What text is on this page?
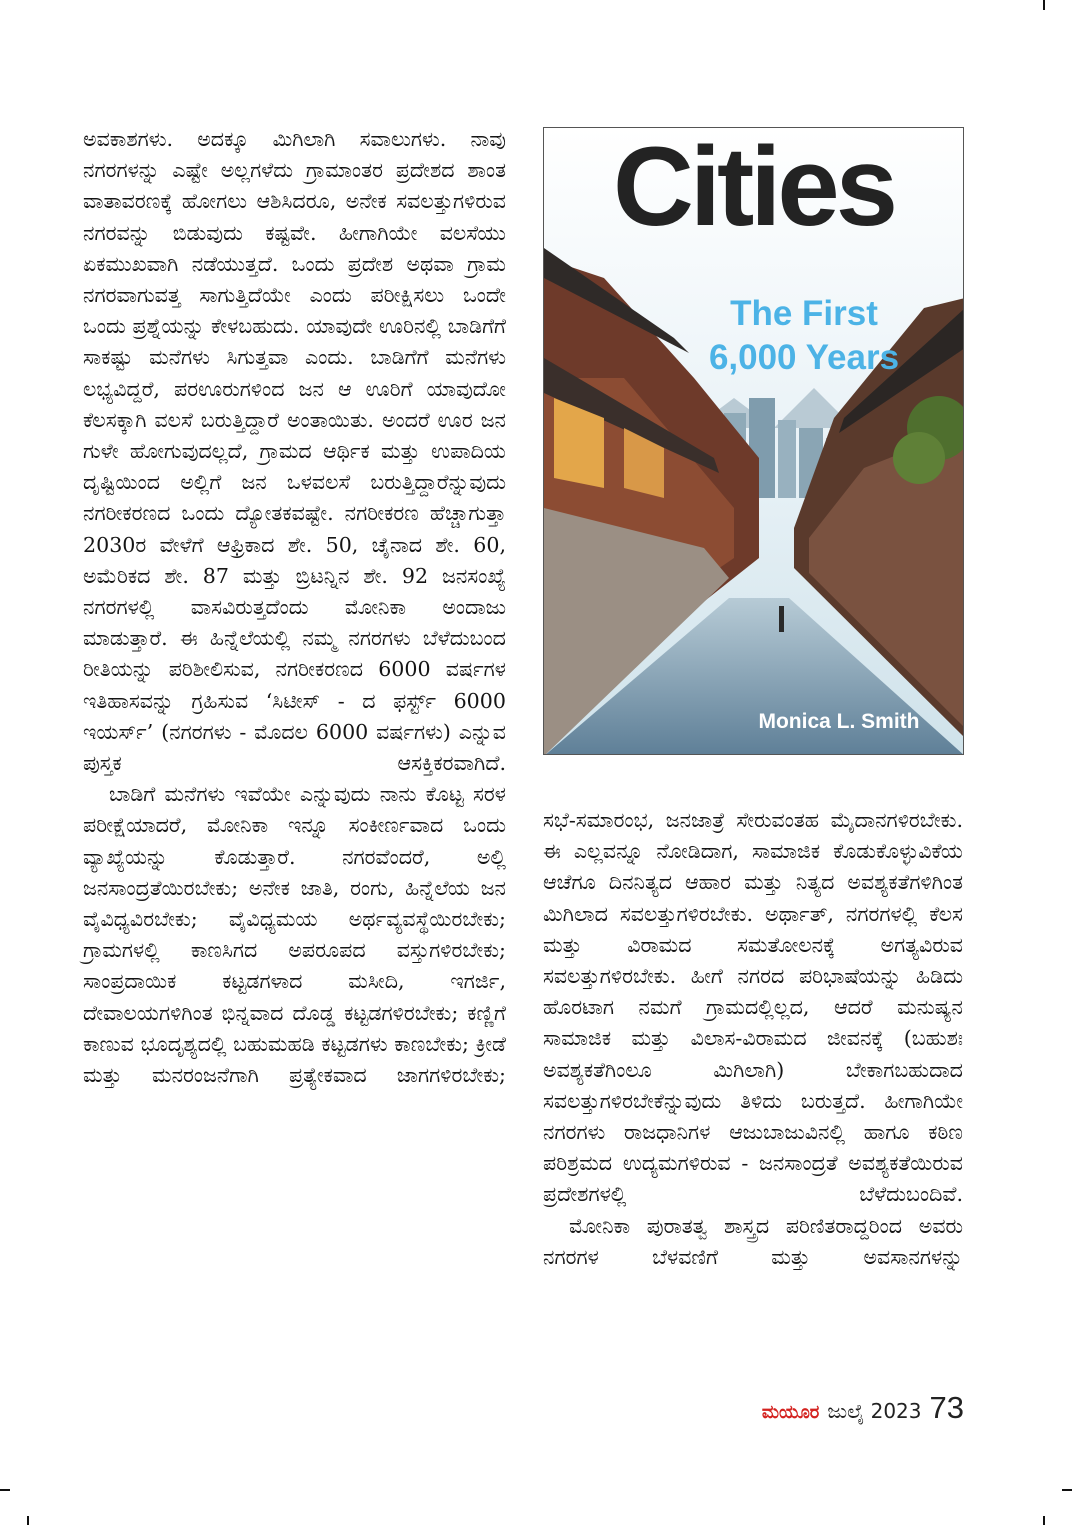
ಅವಕಾಶಗಳು. ಅದಕ್ಕೂ ಮಿಗಿಲಾಗಿ ಸವಾಲುಗಳು. ನಾವು ನಗರಗಳನ್ನು ಎಷ್ಟೇ ಅಲ್ಲಗಳೆದು ಗ್ರಾಮಾಂತರ ಪ್ರದೇಶದ ಶಾಂತ ವಾತಾವರಣಕ್ಕೆ ಹೋಗಲು ಆಶಿಸಿದರೂ, ಅನೇಕ ಸವಲತ್ತುಗಳಿರುವ ನಗರವನ್ನು ಬಿಡುವುದು ಕಷ್ಟವೇ. ಹೀಗಾಗಿಯೇ ವಲಸೆಯು ಏಕಮುಖವಾಗಿ ನಡೆಯುತ್ತದೆ. ಒಂದು ಪ್ರದೇಶ ಅಥವಾ ಗ್ರಾಮ ನಗರವಾಗುವತ್ತ ಸಾಗುತ್ತಿದೆಯೇ ಎಂದು ಪರೀಕ್ಷಿಸಲು ಒಂದೇ ಒಂದು ಪ್ರಶ್ನೆಯನ್ನು ಕೇಳಬಹುದು. ಯಾವುದೇ ಊರಿನಲ್ಲಿ ಬಾಡಿಗೆಗೆ ಸಾಕಷ್ಟು ಮನೆಗಳು ಸಿಗುತ್ತವಾ ಎಂದು. ಬಾಡಿಗೆಗೆ ಮನೆಗಳು ಲಭ್ಯವಿದ್ದರೆ, ಪರಊರುಗಳಿಂದ ಜನ ಆ ಊರಿಗೆ ಯಾವುದೋ ಕೆಲಸಕ್ಕಾಗಿ ವಲಸೆ ಬರುತ್ತಿದ್ದಾರೆ ಅಂತಾಯಿತು. ಅಂದರೆ ಊರ ಜನ ಗುಳೇ ಹೋಗುವುದಲ್ಲದೆ, ಗ್ರಾಮದ ಆರ್ಥಿಕ ಮತ್ತು ಉಪಾದಿಯ ದೃಷ್ಟಿಯಿಂದ ಅಲ್ಲಿಗೆ ಜನ ಒಳವಲಸೆ ಬರುತ್ತಿದ್ದಾರೆನ್ನುವುದು ನಗರೀಕರಣದ ಒಂದು ದ್ಯೋತಕವಷ್ಟೇ. ನಗರೀಕರಣ ಹೆಚ್ಚಾಗುತ್ತಾ 2030ರ ವೇಳೆಗೆ ಆಫ್ರಿಕಾದ ಶೇ. 50, ಚೈನಾದ ಶೇ. 60, ಅಮೆರಿಕದ ಶೇ. 87 ಮತ್ತು ಬ್ರಿಟನ್ನಿನ ಶೇ. 92 ಜನಸಂಖ್ಯೆ ನಗರಗಳಲ್ಲಿ ವಾಸವಿರುತ್ತದೆಂದು ಮೋನಿಕಾ ಅಂದಾಜು ಮಾಡುತ್ತಾರೆ. ಈ ಹಿನ್ನೆಲೆಯಲ್ಲಿ ನಮ್ಮ ನಗರಗಳು ಬೆಳೆದುಬಂದ ರೀತಿಯನ್ನು ಪರಿಶೀಲಿಸುವ, ನಗರೀಕರಣದ 6000 ವರ್ಷಗಳ ಇತಿಹಾಸವನ್ನು ಗ್ರಹಿಸುವ ‘ಸಿಟೀಸ್ - ದ ಫರ್ಸ್ಟ್ 6000 ಇಯರ್ಸ್’ (ನಗರಗಳು - ಮೊದಲ 6000 ವರ್ಷಗಳು) ಎನ್ನುವ ಪುಸ್ತಕ ಆಸಕ್ತಿಕರವಾಗಿದೆ.

ಬಾಡಿಗೆ ಮನೆಗಳು ಇವೆಯೇ ಎನ್ನುವುದು ನಾನು ಕೊಟ್ಟ ಸರಳ ಪರೀಕ್ಷೆಯಾದರೆ, ಮೋನಿಕಾ ಇನ್ನೂ ಸಂಕೀರ್ಣವಾದ ಒಂದು ವ್ಯಾಖ್ಯೆಯನ್ನು ಕೊಡುತ್ತಾರೆ. ನಗರವೆಂದರೆ, ಅಲ್ಲಿ ಜನಸಾಂದ್ರತೆಯಿರಬೇಕು; ಅನೇಕ ಜಾತಿ, ರಂಗು, ಹಿನ್ನೆಲೆಯ ಜನ ವೈವಿಧ್ಯವಿರಬೇಕು; ವೈವಿಧ್ಯಮಯ ಅರ್ಥವ್ಯವಸ್ಥೆಯಿರಬೇಕು; ಗ್ರಾಮಗಳಲ್ಲಿ ಕಾಣಸಿಗದ ಅಪರೂಪದ ವಸ್ತುಗಳಿರಬೇಕು; ಸಾಂಪ್ರದಾಯಿಕ ಕಟ್ಟಡಗಳಾದ ಮಸೀದಿ, ಇಗರ್ಜಿ, ದೇವಾಲಯಗಳಿಗಿಂತ ಭಿನ್ನವಾದ ದೊಡ್ಡ ಕಟ್ಟಡಗಳಿರಬೇಕು; ಕಣ್ಣಿಗೆ ಕಾಣುವ ಭೂದೃಶ್ಯದಲ್ಲಿ ಬಹುಮಹಡಿ ಕಟ್ಟಡಗಳು ಕಾಣಬೇಕು; ಕ್ರೀಡೆ ಮತ್ತು ಮನರಂಜನೆಗಾಗಿ ಪ್ರತ್ಯೇಕವಾದ ಜಾಗಗಳಿರಬೇಕು;

Cities
The First
6,000 Years
Monica L. Smith

ಸಭೆ-ಸಮಾರಂಭ, ಜನಜಾತ್ರೆ ಸೇರುವಂತಹ ಮೈದಾನಗಳಿರಬೇಕು. ಈ ಎಲ್ಲವನ್ನೂ ನೋಡಿದಾಗ, ಸಾಮಾಜಿಕ ಕೊಡುಕೊಳ್ಳುವಿಕೆಯ ಆಚೆಗೂ ದಿನನಿತ್ಯದ ಆಹಾರ ಮತ್ತು ನಿತ್ಯದ ಅವಶ್ಯಕತೆಗಳಿಗಿಂತ ಮಿಗಿಲಾದ ಸವಲತ್ತುಗಳಿರಬೇಕು. ಅರ್ಥಾತ್, ನಗರಗಳಲ್ಲಿ ಕೆಲಸ ಮತ್ತು ವಿರಾಮದ ಸಮತೋಲನಕ್ಕೆ ಅಗತ್ಯವಿರುವ ಸವಲತ್ತುಗಳಿರಬೇಕು. ಹೀಗೆ ನಗರದ ಪರಿಭಾಷೆಯನ್ನು ಹಿಡಿದು ಹೊರಟಾಗ ನಮಗೆ ಗ್ರಾಮದಲ್ಲಿಲ್ಲದ, ಆದರೆ ಮನುಷ್ಯನ ಸಾಮಾಜಿಕ ಮತ್ತು ವಿಲಾಸ-ವಿರಾಮದ ಜೀವನಕ್ಕೆ (ಬಹುಶಃ ಅವಶ್ಯಕತೆಗಿಂಲೂ ಮಿಗಿಲಾಗಿ) ಬೇಕಾಗಬಹುದಾದ ಸವಲತ್ತುಗಳಿರಬೇಕೆನ್ನುವುದು ತಿಳಿದು ಬರುತ್ತದೆ. ಹೀಗಾಗಿಯೇ ನಗರಗಳು ರಾಜಧಾನಿಗಳ ಆಜುಬಾಜುವಿನಲ್ಲಿ ಹಾಗೂ ಕಠಿಣ ಪರಿಶ್ರಮದ ಉದ್ಯಮಗಳಿರುವ - ಜನಸಾಂದ್ರತೆ ಅವಶ್ಯಕತೆಯಿರುವ ಪ್ರದೇಶಗಳಲ್ಲಿ ಬೆಳೆದುಬಂದಿವೆ.

ಮೋನಿಕಾ ಪುರಾತತ್ವ ಶಾಸ್ತ್ರದ ಪರಿಣಿತರಾದ್ದರಿಂದ ಅವರು ನಗರಗಳ ಬೆಳವಣಿಗೆ ಮತ್ತು ಅವಸಾನಗಳನ್ನು

ಮಯೂರ ಜುಲೈ 2023 73
